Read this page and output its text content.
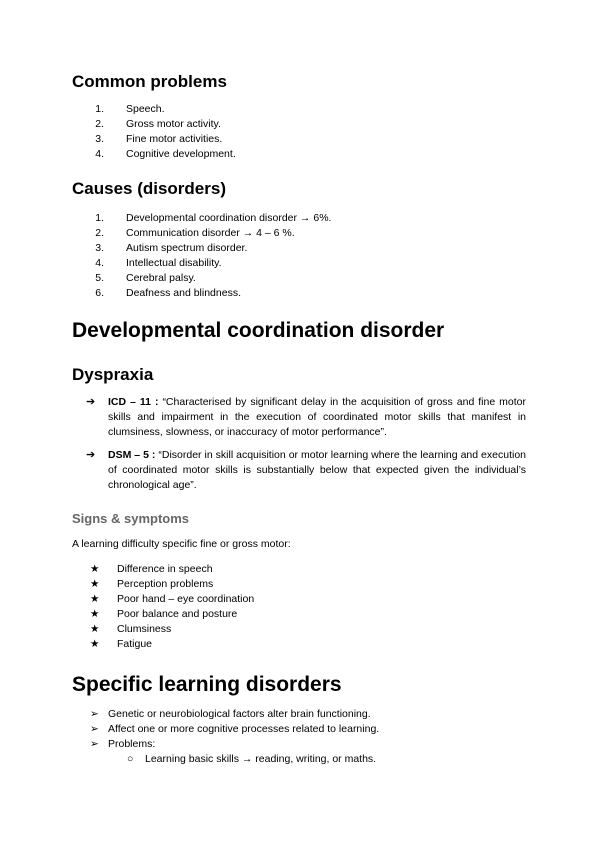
Common problems
1. Speech.
2. Gross motor activity.
3. Fine motor activities.
4. Cognitive development.
Causes (disorders)
1. Developmental coordination disorder → 6%.
2. Communication disorder → 4 – 6 %.
3. Autism spectrum disorder.
4. Intellectual disability.
5. Cerebral palsy.
6. Deafness and blindness.
Developmental coordination disorder
Dyspraxia
➔ ICD – 11 : “Characterised by significant delay in the acquisition of gross and fine motor skills and impairment in the execution of coordinated motor skills that manifest in clumsiness, slowness, or inaccuracy of motor performance”.
➔ DSM – 5 : “Disorder in skill acquisition or motor learning where the learning and execution of coordinated motor skills is substantially below that expected given the individual’s chronological age”.
Signs & symptoms
A learning difficulty specific fine or gross motor:
★ Difference in speech
★ Perception problems
★ Poor hand – eye coordination
★ Poor balance and posture
★ Clumsiness
★ Fatigue
Specific learning disorders
➢ Genetic or neurobiological factors alter brain functioning.
➢ Affect one or more cognitive processes related to learning.
➢ Problems:
○ Learning basic skills → reading, writing, or maths.
